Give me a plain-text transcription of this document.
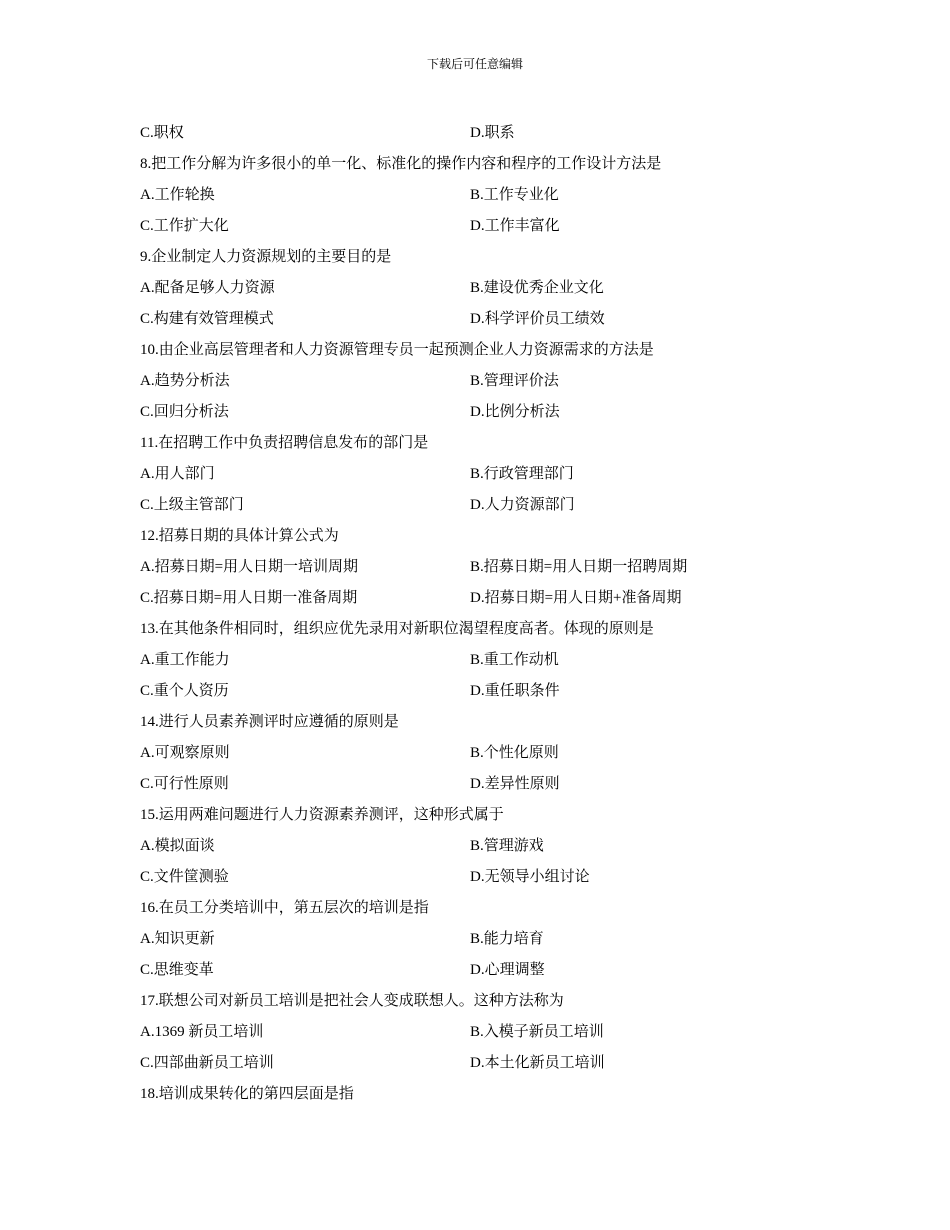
下载后可任意编辑
C.职权	D.职系
8.把工作分解为许多很小的单一化、标准化的操作内容和程序的工作设计方法是
A.工作轮换	B.工作专业化
C.工作扩大化	D.工作丰富化
9.企业制定人力资源规划的主要目的是
A.配备足够人力资源	B.建设优秀企业文化
C.构建有效管理模式	D.科学评价员工绩效
10.由企业高层管理者和人力资源管理专员一起预测企业人力资源需求的方法是
A.趋势分析法	B.管理评价法
C.回归分析法	D.比例分析法
11.在招聘工作中负责招聘信息发布的部门是
A.用人部门	B.行政管理部门
C.上级主管部门	D.人力资源部门
12.招募日期的具体计算公式为
A.招募日期=用人日期一培训周期	B.招募日期=用人日期一招聘周期
C.招募日期=用人日期一准备周期	D.招募日期=用人日期+准备周期
13.在其他条件相同时，组织应优先录用对新职位渴望程度高者。体现的原则是
A.重工作能力	B.重工作动机
C.重个人资历	D.重任职条件
14.进行人员素养测评时应遵循的原则是
A.可观察原则	B.个性化原则
C.可行性原则	D.差异性原则
15.运用两难问题进行人力资源素养测评，这种形式属于
A.模拟面谈	B.管理游戏
C.文件筐测验	D.无领导小组讨论
16.在员工分类培训中，第五层次的培训是指
A.知识更新	B.能力培育
C.思维变革	D.心理调整
17.联想公司对新员工培训是把社会人变成联想人。这种方法称为
A.1369 新员工培训	B.入模子新员工培训
C.四部曲新员工培训	D.本土化新员工培训
18.培训成果转化的第四层面是指
